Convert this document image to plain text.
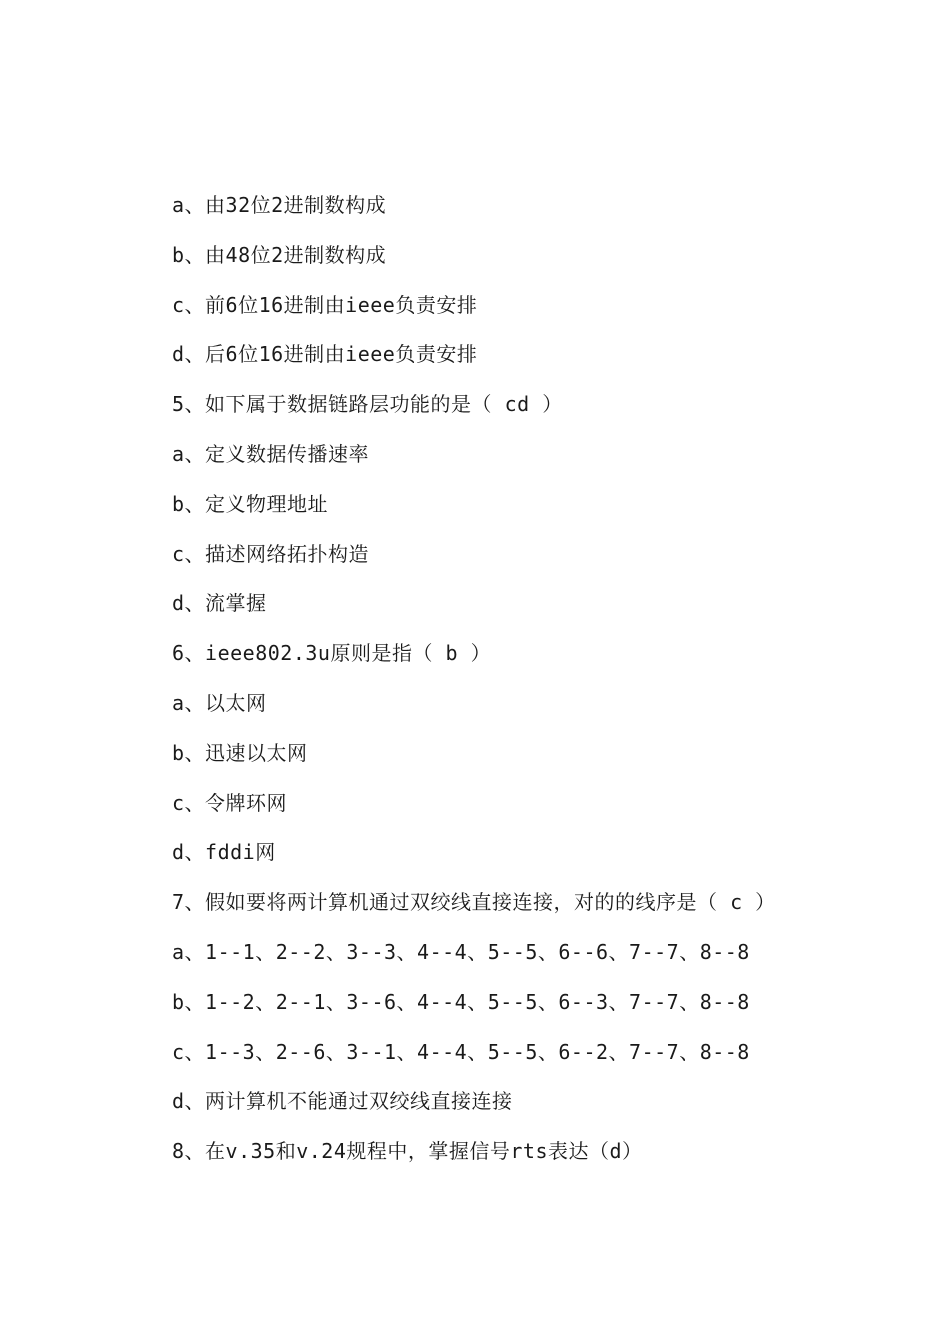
a、由32位2进制数构成
b、由48位2进制数构成
c、前6位16进制由ieee负责安排
d、后6位16进制由ieee负责安排
5、如下属于数据链路层功能的是（ cd ）
a、定义数据传播速率
b、定义物理地址
c、描述网络拓扑构造
d、流掌握
6、ieee802.3u原则是指（ b ）
a、以太网
b、迅速以太网
c、令牌环网
d、fddi网
7、假如要将两计算机通过双绞线直接连接，对的的线序是（ c ）
a、1--1、2--2、3--3、4--4、5--5、6--6、7--7、8--8
b、1--2、2--1、3--6、4--4、5--5、6--3、7--7、8--8
c、1--3、2--6、3--1、4--4、5--5、6--2、7--7、8--8
d、两计算机不能通过双绞线直接连接
8、在v.35和v.24规程中，掌握信号rts表达（d）
